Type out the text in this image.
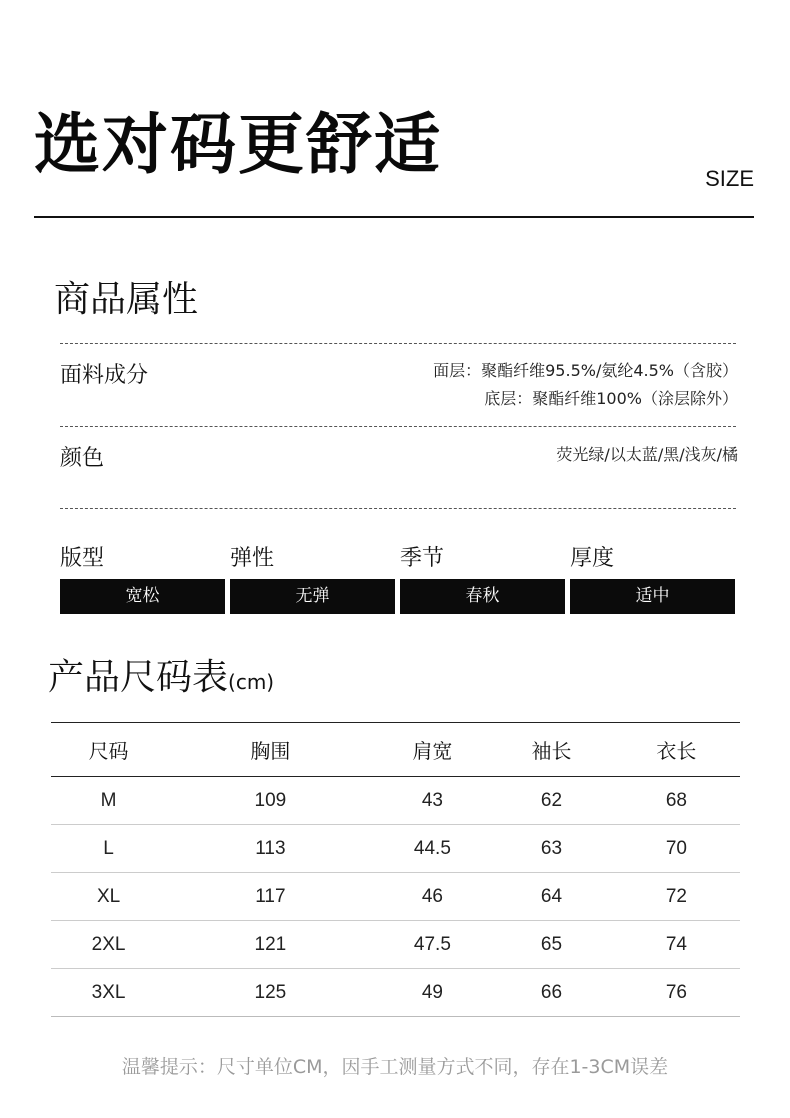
选对码更舒适	SIZE
商品属性
面料成分	面层：聚酯纤维95.5%/氨纶4.5%（含胶）
底层：聚酯纤维100%（涂层除外）
颜色	荧光绿/以太蓝/黑/浅灰/橘
版型	弹性	季节	厚度
宽松	无弹	春秋	适中
产品尺码表(cm)
尺码	胸围	肩宽	袖长	衣长
M	109	43	62	68
L	113	44.5	63	70
XL	117	46	64	72
2XL	121	47.5	65	74
3XL	125	49	66	76
温馨提示：尺寸单位CM，因手工测量方式不同，存在1-3CM误差
